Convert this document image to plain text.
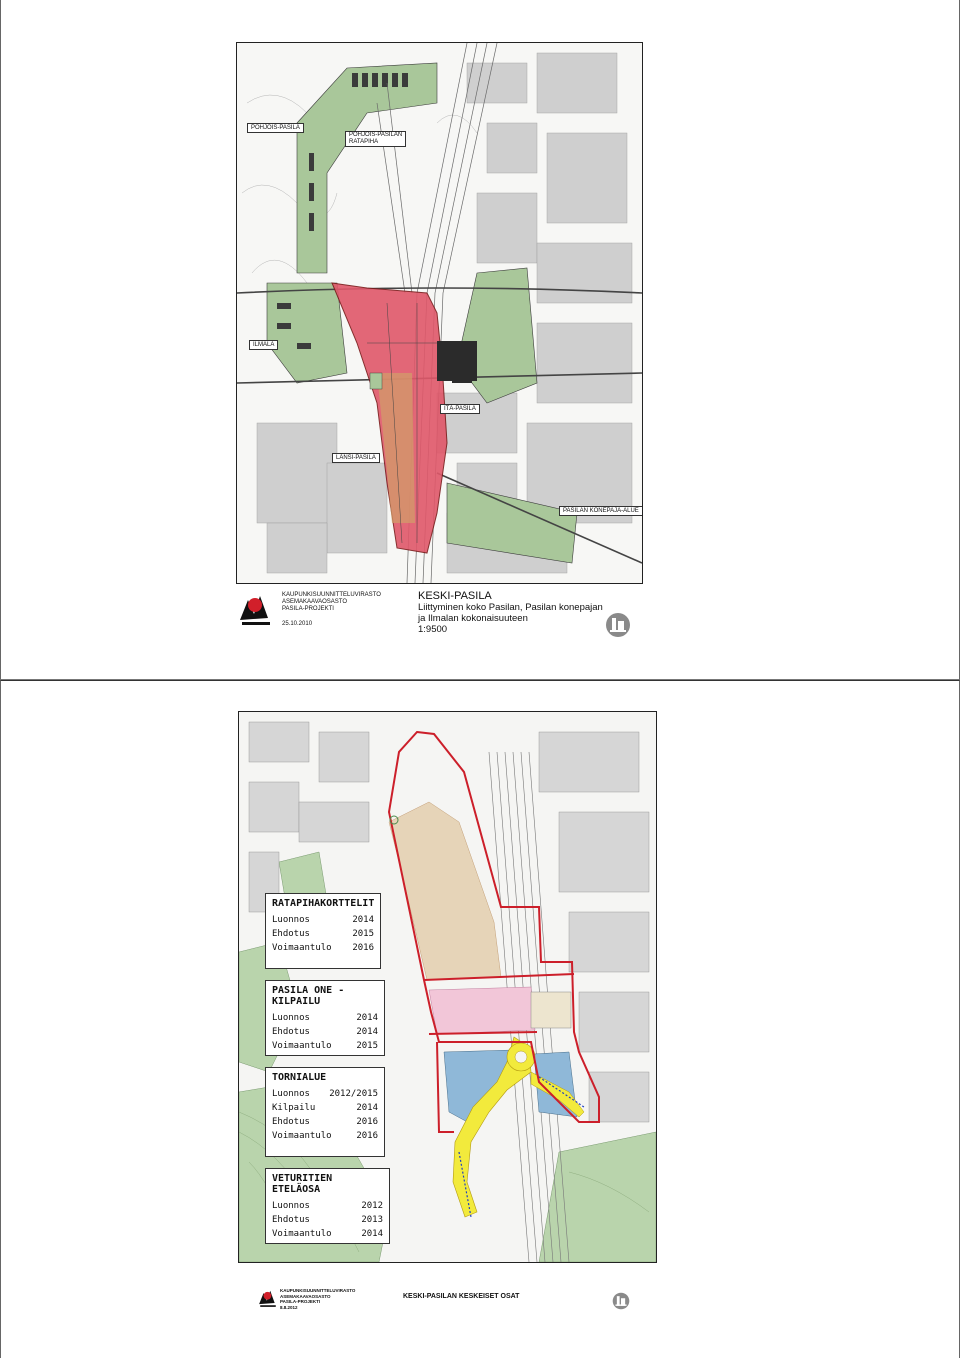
POHJOIS-PASILA
POHJOIS-PASILAN
RATAPIHA
ILMALA
ITÄ-PASILA
LÄNSI-PASILA
PASILAN KONEPAJA-ALUE
KAUPUNKISUUNNITTELUVIRASTO
ASEMAKAAVAOSASTO
PASILA-PROJEKTI
25.10.2010
KESKI-PASILA
Liittyminen koko Pasilan, Pasilan konepajan
ja Ilmalan kokonaisuuteen
1:9500
RATAPIHAKORTTELIT
Luonnos	2014
Ehdotus	2015
Voimaantulo 2016
PASILA ONE -KILPAILU
Luonnos	2014
Ehdotus	2014
Voimaantulo	2015
TORNIALUE
Luonnos 2012/2015
Kilpailu	2014
Ehdotus	2016
Voimaantulo	2016
VETURITIEN ETELÄOSA
Luonnos	2012
Ehdotus	2013
Voimaantulo	2014
KAUPUNKISUUNNITTELUVIRASTO
ASEMAKAAVAOSASTO
PASILA-PROJEKTI
8.8.2012
KESKI-PASILAN KESKEISET OSAT
